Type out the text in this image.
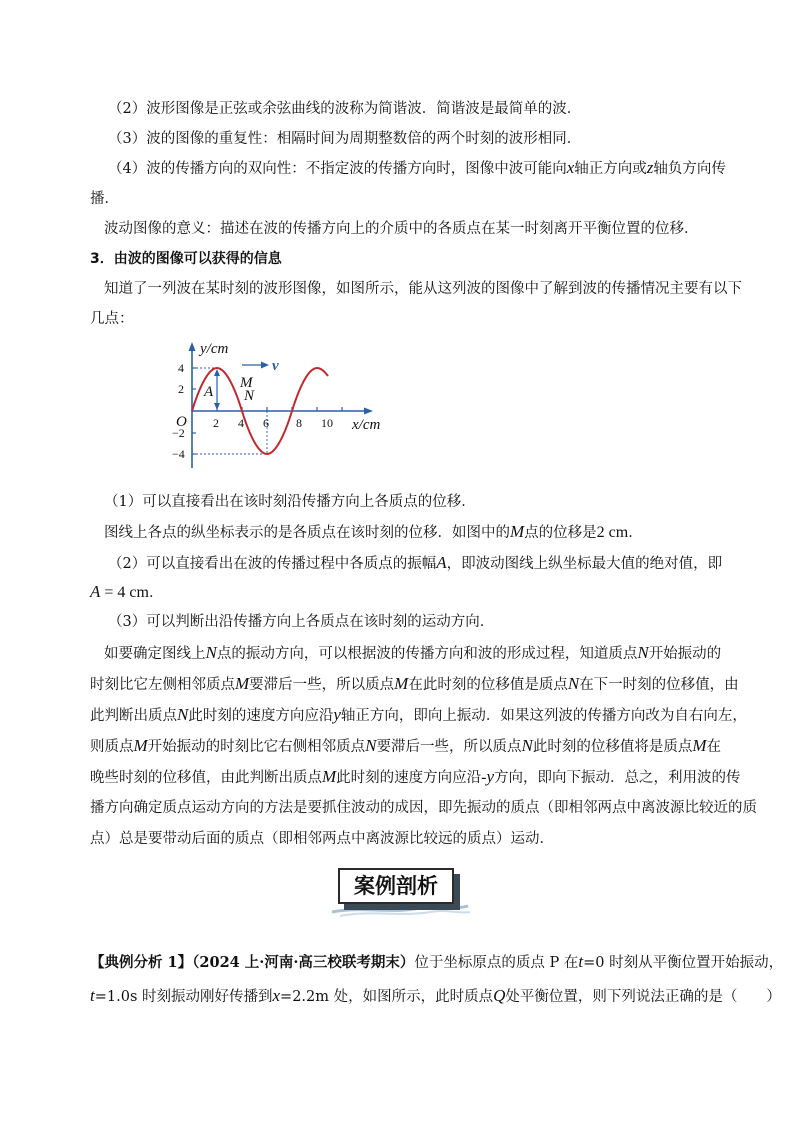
（2）波形图像是正弦或余弦曲线的波称为简谐波．简谐波是最简单的波．

（3）波的图像的重复性：相隔时间为周期整数倍的两个时刻的波形相同．

（4）波的传播方向的双向性：不指定波的传播方向时，图像中波可能向x轴正方向或z轴负方向传

播．

波动图像的意义：描述在波的传播方向上的介质中的各质点在某一时刻离开平衡位置的位移．

3．由波的图像可以获得的信息

知道了一列波在某时刻的波形图像，如图所示，能从这列波的图像中了解到波的传播情况主要有以下

几点：

y/cm
x/cm
O
v
M
N
A
4
2
−2
−4
2 4 6 8 10

（1）可以直接看出在该时刻沿传播方向上各质点的位移．

图线上各点的纵坐标表示的是各质点在该时刻的位移．如图中的M点的位移是2 cm．

（2）可以直接看出在波的传播过程中各质点的振幅A，即波动图线上纵坐标最大值的绝对值，即

A = 4 cm．

（3）可以判断出沿传播方向上各质点在该时刻的运动方向．

如要确定图线上N点的振动方向，可以根据波的传播方向和波的形成过程，知道质点N开始振动的

时刻比它左侧相邻质点M要滞后一些，所以质点M在此时刻的位移值是质点N在下一时刻的位移值，由

此判断出质点N此时刻的速度方向应沿y轴正方向，即向上振动．如果这列波的传播方向改为自右向左，

则质点M开始振动的时刻比它右侧相邻质点N要滞后一些，所以质点N此时刻的位移值将是质点M在

晚些时刻的位移值，由此判断出质点M此时刻的速度方向应沿-y方向，即向下振动．总之，利用波的传

播方向确定质点运动方向的方法是要抓住波动的成因，即先振动的质点（即相邻两点中离波源比较近的质

点）总是要带动后面的质点（即相邻两点中离波源比较远的质点）运动．

案例剖析

【典例分析 1】（2024 上·河南·高三校联考期末）位于坐标原点的质点 P 在t=0 时刻从平衡位置开始振动，

t=1.0s 时刻振动刚好传播到x=2.2m 处，如图所示，此时质点Q处平衡位置，则下列说法正确的是（　　）
